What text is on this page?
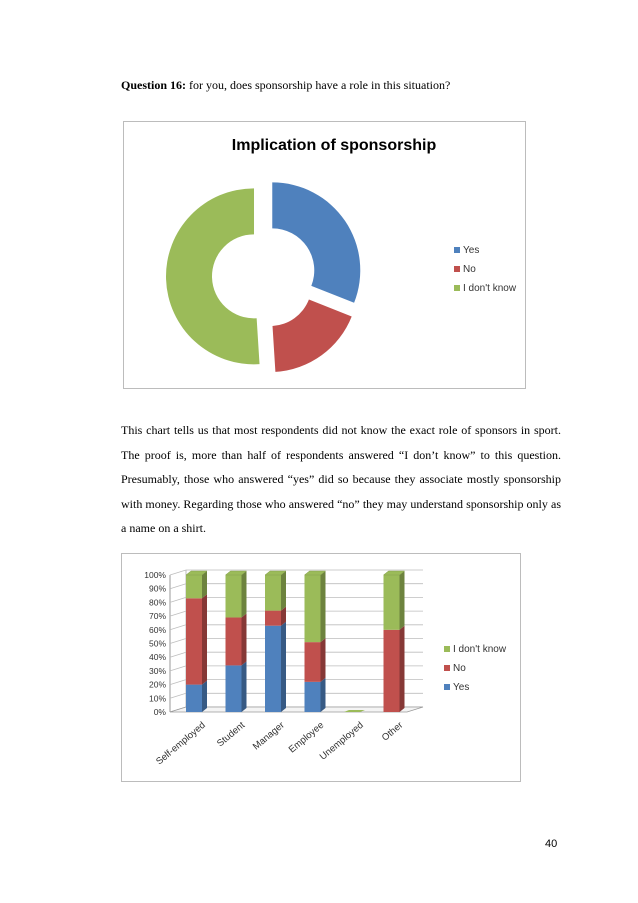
Question 16: for you, does sponsorship have a role in this situation?
Implication of sponsorship
Yes
No
I don't know
This chart tells us that most respondents did not know the exact role of sponsors in sport. The proof is, more than half of respondents answered “I don’t know” to this question. Presumably, those who answered “yes” did so because they associate mostly sponsorship with money. Regarding those who answered “no” they may understand sponsorship only as a name on a shirt.
0%
10%
20%
30%
40%
50%
60%
70%
80%
90%
100%
Self-employed Student Manager Employee
Unemployed Other
I don't know
No
Yes
40
